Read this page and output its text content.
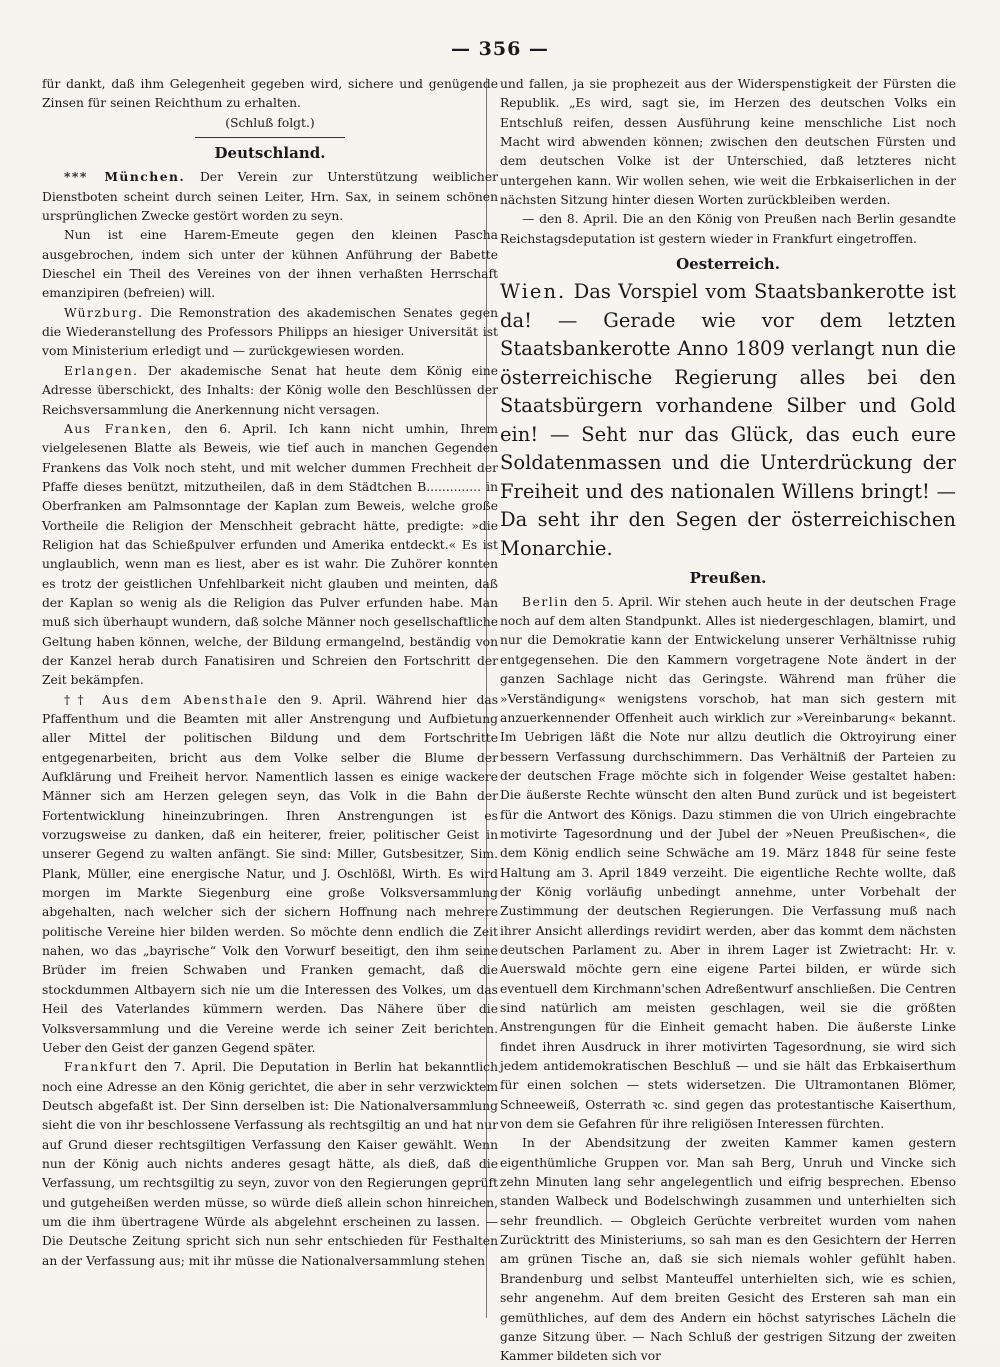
— 356 —

für dankt, daß ihm Gelegenheit gegeben wird, sichere und genügende Zinsen für seinen Reichthum zu erhalten.

(Schluß folgt.)

Deutschland.

*** München. Der Verein zur Unterstützung weiblicher Dienstboten scheint durch seinen Leiter, Hrn. Sax, in seinem schönen ursprünglichen Zwecke gestört worden zu seyn.

Nun ist eine Harem-Emeute gegen den kleinen Pascha ausgebrochen, indem sich unter der kühnen Anführung der Babette Dieschel ein Theil des Vereines von der ihnen verhaßten Herrschaft emanzipiren (befreien) will.

Würzburg. Die Remonstration des akademischen Senates gegen die Wiederanstellung des Professors Philipps an hiesiger Universität ist vom Ministerium erledigt und — zurückgewiesen worden.

Erlangen. Der akademische Senat hat heute dem König eine Adresse überschickt, des Inhalts: der König wolle den Beschlüssen der Reichsversammlung die Anerkennung nicht versagen.

Aus Franken, den 6. April. Ich kann nicht umhin, Ihrem vielgelesenen Blatte als Beweis, wie tief auch in manchen Gegenden Frankens das Volk noch steht, und mit welcher dummen Frechheit der Pfaffe dieses benützt, mitzutheilen, daß in dem Städtchen B.............. in Oberfranken am Palmsonntage der Kaplan zum Beweis, welche große Vortheile die Religion der Menschheit gebracht hätte, predigte: »die Religion hat das Schießpulver erfunden und Amerika entdeckt.« Es ist unglaublich, wenn man es liest, aber es ist wahr. Die Zuhörer konnten es trotz der geistlichen Unfehlbarkeit nicht glauben und meinten, daß der Kaplan so wenig als die Religion das Pulver erfunden habe. Man muß sich überhaupt wundern, daß solche Männer noch gesellschaftliche Geltung haben können, welche, der Bildung ermangelnd, beständig von der Kanzel herab durch Fanatisiren und Schreien den Fortschritt der Zeit bekämpfen.

†† Aus dem Abensthale den 9. April. Während hier das Pfaffenthum und die Beamten mit aller Anstrengung und Aufbietung aller Mittel der politischen Bildung und dem Fortschritte entgegenarbeiten, bricht aus dem Volke selber die Blume der Aufklärung und Freiheit hervor. Namentlich lassen es einige wackere Männer sich am Herzen gelegen seyn, das Volk in die Bahn der Fortentwicklung hineinzubringen. Ihren Anstrengungen ist es vorzugsweise zu danken, daß ein heiterer, freier, politischer Geist in unserer Gegend zu walten anfängt. Sie sind: Miller, Gutsbesitzer, Sim. Plank, Müller, eine energische Natur, und J. Oschlößl, Wirth. Es wird morgen im Markte Siegenburg eine große Volksversammlung abgehalten, nach welcher sich der sichern Hoffnung nach mehrere politische Vereine hier bilden werden. So möchte denn endlich die Zeit nahen, wo das „bayrische“ Volk den Vorwurf beseitigt, den ihm seine Brüder im freien Schwaben und Franken gemacht, daß die stockdummen Altbayern sich nie um die Interessen des Volkes, um das Heil des Vaterlandes kümmern werden. Das Nähere über die Volksversammlung und die Vereine werde ich seiner Zeit berichten. Ueber den Geist der ganzen Gegend später.

Frankfurt den 7. April. Die Deputation in Berlin hat bekanntlich noch eine Adresse an den König gerichtet, die aber in sehr verzwicktem Deutsch abgefaßt ist. Der Sinn derselben ist: Die Nationalversammlung sieht die von ihr beschlossene Verfassung als rechtsgiltig an und hat nur auf Grund dieser rechtsgiltigen Verfassung den Kaiser gewählt. Wenn nun der König auch nichts anderes gesagt hätte, als dieß, daß die Verfassung, um rechtsgiltig zu seyn, zuvor von den Regierungen geprüft und gutgeheißen werden müsse, so würde dieß allein schon hinreichen, um die ihm übertragene Würde als abgelehnt erscheinen zu lassen. — Die Deutsche Zeitung spricht sich nun sehr entschieden für Festhalten an der Verfassung aus; mit ihr müsse die Nationalversammlung stehen

und fallen, ja sie prophezeit aus der Widerspenstigkeit der Fürsten die Republik. „Es wird, sagt sie, im Herzen des deutschen Volks ein Entschluß reifen, dessen Ausführung keine menschliche List noch Macht wird abwenden können; zwischen den deutschen Fürsten und dem deutschen Volke ist der Unterschied, daß letzteres nicht untergehen kann. Wir wollen sehen, wie weit die Erbkaiserlichen in der nächsten Sitzung hinter diesen Worten zurückbleiben werden.

— den 8. April. Die an den König von Preußen nach Berlin gesandte Reichstagsdeputation ist gestern wieder in Frankfurt eingetroffen.

Oesterreich.

Wien. Das Vorspiel vom Staatsbankerotte ist da! — Gerade wie vor dem letzten Staatsbankerotte Anno 1809 verlangt nun die österreichische Regierung alles bei den Staatsbürgern vorhandene Silber und Gold ein! — Seht nur das Glück, das euch eure Soldatenmassen und die Unterdrückung der Freiheit und des nationalen Willens bringt! — Da seht ihr den Segen der österreichischen Monarchie.

Preußen.

Berlin den 5. April. Wir stehen auch heute in der deutschen Frage noch auf dem alten Standpunkt. Alles ist niedergeschlagen, blamirt, und nur die Demokratie kann der Entwickelung unserer Verhältnisse ruhig entgegensehen. Die den Kammern vorgetragene Note ändert in der ganzen Sachlage nicht das Geringste. Während man früher die »Verständigung« wenigstens vorschob, hat man sich gestern mit anzuerkennender Offenheit auch wirklich zur »Vereinbarung« bekannt. Im Uebrigen läßt die Note nur allzu deutlich die Oktroyirung einer bessern Verfassung durchschimmern. Das Verhältniß der Parteien zu der deutschen Frage möchte sich in folgender Weise gestaltet haben: Die äußerste Rechte wünscht den alten Bund zurück und ist begeistert für die Antwort des Königs. Dazu stimmen die von Ulrich eingebrachte motivirte Tagesordnung und der Jubel der »Neuen Preußischen«, die dem König endlich seine Schwäche am 19. März 1848 für seine feste Haltung am 3. April 1849 verzeiht. Die eigentliche Rechte wollte, daß der König vorläufig unbedingt annehme, unter Vorbehalt der Zustimmung der deutschen Regierungen. Die Verfassung muß nach ihrer Ansicht allerdings revidirt werden, aber das kommt dem nächsten deutschen Parlament zu. Aber in ihrem Lager ist Zwietracht: Hr. v. Auerswald möchte gern eine eigene Partei bilden, er würde sich eventuell dem Kirchmann'schen Adreßentwurf anschließen. Die Centren sind natürlich am meisten geschlagen, weil sie die größten Anstrengungen für die Einheit gemacht haben. Die äußerste Linke findet ihren Ausdruck in ihrer motivirten Tagesordnung, sie wird sich jedem antidemokratischen Beschluß — und sie hält das Erbkaiserthum für einen solchen — stets widersetzen. Die Ultramontanen Blömer, Schneeweiß, Osterrath ꝛc. sind gegen das protestantische Kaiserthum, von dem sie Gefahren für ihre religiösen Interessen fürchten.

In der Abendsitzung der zweiten Kammer kamen gestern eigenthümliche Gruppen vor. Man sah Berg, Unruh und Vincke sich zehn Minuten lang sehr angelegentlich und eifrig besprechen. Ebenso standen Walbeck und Bodelschwingh zusammen und unterhielten sich sehr freundlich. — Obgleich Gerüchte verbreitet wurden vom nahen Zurücktritt des Ministeriums, so sah man es den Gesichtern der Herren am grünen Tische an, daß sie sich niemals wohler gefühlt haben. Brandenburg und selbst Manteuffel unterhielten sich, wie es schien, sehr angenehm. Auf dem breiten Gesicht des Ersteren sah man ein gemüthliches, auf dem des Andern ein höchst satyrisches Lächeln die ganze Sitzung über. — Nach Schluß der gestrigen Sitzung der zweiten Kammer bildeten sich vor
